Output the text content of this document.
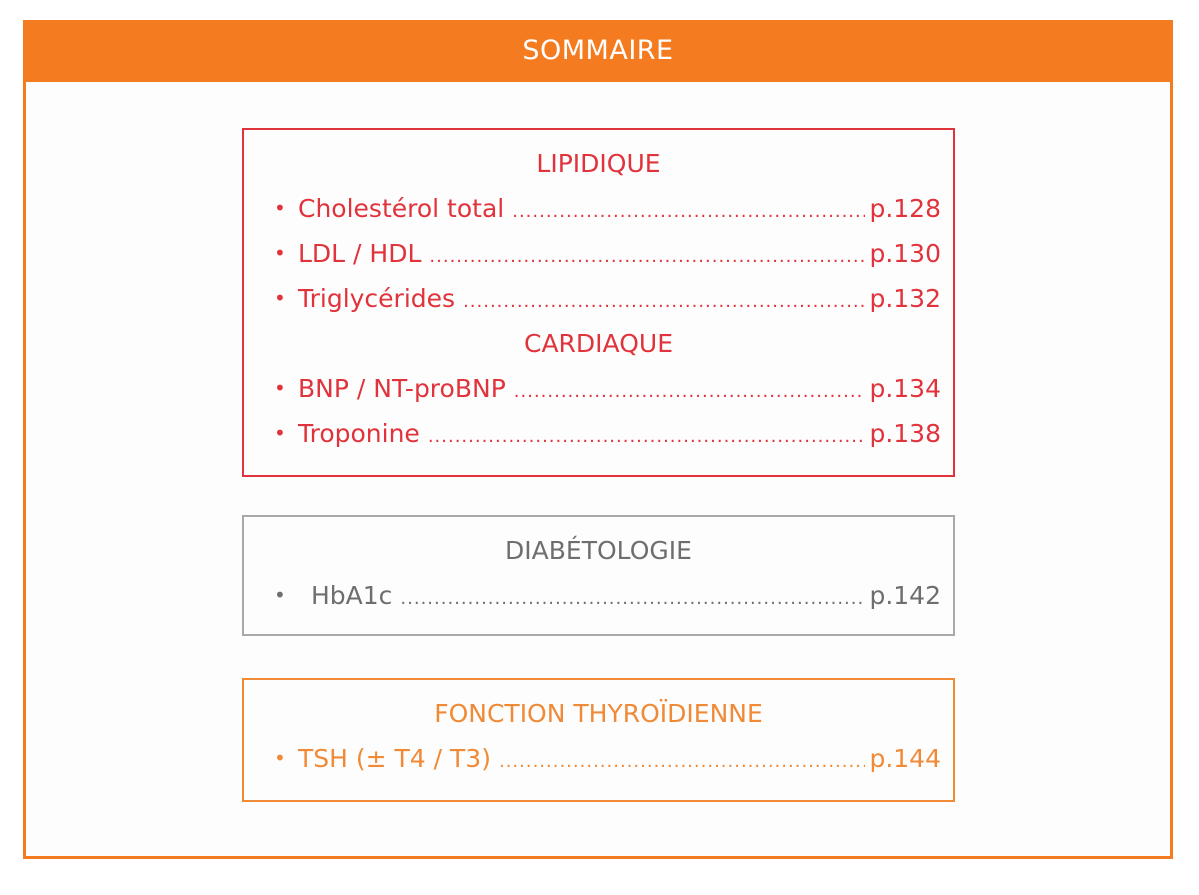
SOMMAIRE
LIPIDIQUE
• Cholestérol total .....	p.128
• LDL / HDL .....	p.130
• Triglycérides .....	p.132
CARDIAQUE
• BNP / NT-proBNP .....	p.134
• Troponine .....	p.138
DIABÉTOLOGIE
• HbA1c .....	p.142
FONCTION THYROÏDIENNE
• TSH (± T4 / T3) .....	p.144
